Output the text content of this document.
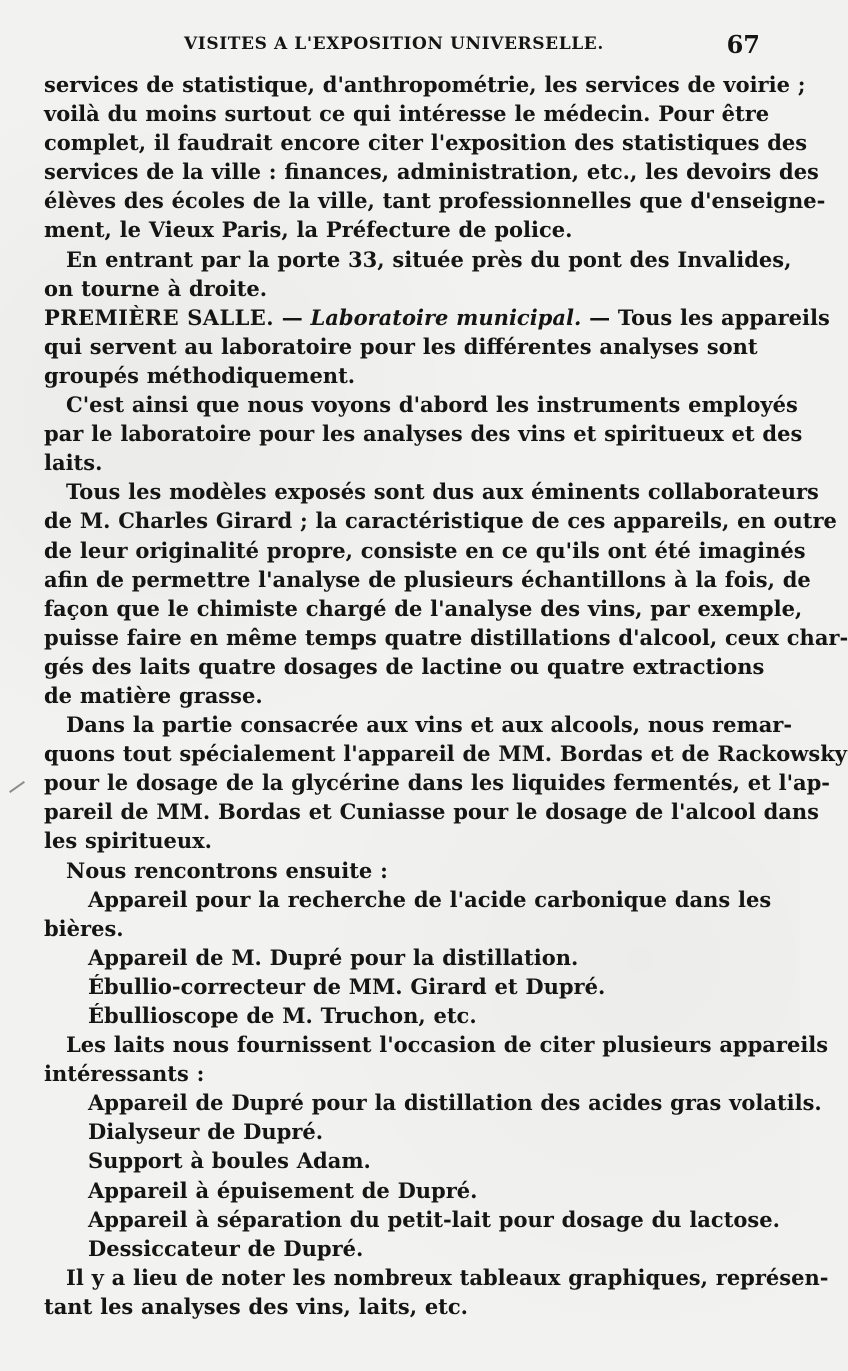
VISITES A L'EXPOSITION UNIVERSELLE.	67
services de statistique, d'anthropométrie, les services de voirie ;
voilà du moins surtout ce qui intéresse le médecin. Pour être
complet, il faudrait encore citer l'exposition des statistiques des
services de la ville : finances, administration, etc., les devoirs des
élèves des écoles de la ville, tant professionnelles que d'enseigne-
ment, le Vieux Paris, la Préfecture de police.
En entrant par la porte 33, située près du pont des Invalides,
on tourne à droite.
PREMIÈRE SALLE. — Laboratoire municipal. — Tous les appareils
qui servent au laboratoire pour les différentes analyses sont
groupés méthodiquement.
C'est ainsi que nous voyons d'abord les instruments employés
par le laboratoire pour les analyses des vins et spiritueux et des
laits.
Tous les modèles exposés sont dus aux éminents collaborateurs
de M. Charles Girard ; la caractéristique de ces appareils, en outre
de leur originalité propre, consiste en ce qu'ils ont été imaginés
afin de permettre l'analyse de plusieurs échantillons à la fois, de
façon que le chimiste chargé de l'analyse des vins, par exemple,
puisse faire en même temps quatre distillations d'alcool, ceux char-
gés des laits quatre dosages de lactine ou quatre extractions
de matière grasse.
Dans la partie consacrée aux vins et aux alcools, nous remar-
quons tout spécialement l'appareil de MM. Bordas et de Rackowsky
pour le dosage de la glycérine dans les liquides fermentés, et l'ap-
pareil de MM. Bordas et Cuniasse pour le dosage de l'alcool dans
les spiritueux.
Nous rencontrons ensuite :
Appareil pour la recherche de l'acide carbonique dans les
bières.
Appareil de M. Dupré pour la distillation.
Ébullio-correcteur de MM. Girard et Dupré.
Ébullioscope de M. Truchon, etc.
Les laits nous fournissent l'occasion de citer plusieurs appareils
intéressants :
Appareil de Dupré pour la distillation des acides gras volatils.
Dialyseur de Dupré.
Support à boules Adam.
Appareil à épuisement de Dupré.
Appareil à séparation du petit-lait pour dosage du lactose.
Dessiccateur de Dupré.
Il y a lieu de noter les nombreux tableaux graphiques, représen-
tant les analyses des vins, laits, etc.
